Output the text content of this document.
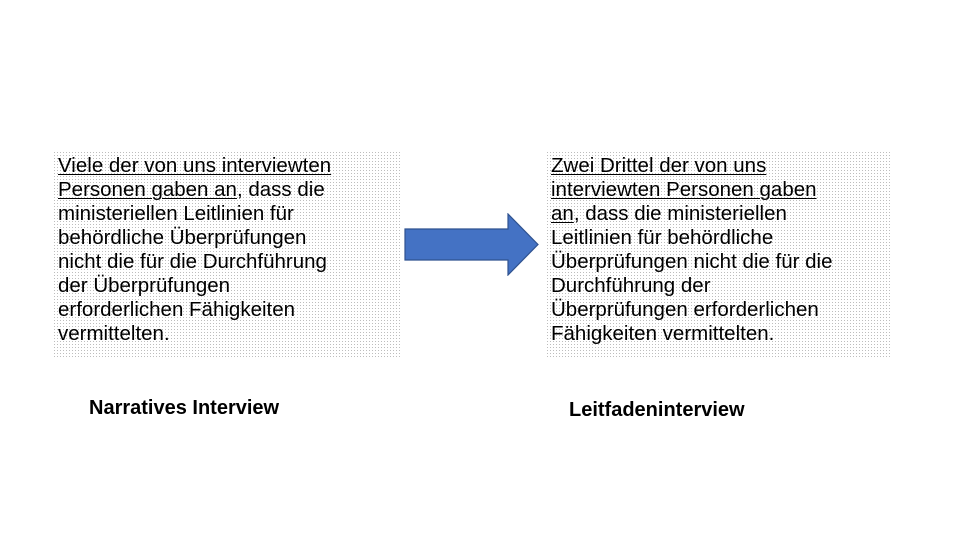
Viele der von uns interviewten
Personen gaben an, dass die
ministeriellen Leitlinien für
behördliche Überprüfungen
nicht die für die Durchführung
der Überprüfungen
erforderlichen Fähigkeiten
vermittelten.
Zwei Drittel der von uns
interviewten Personen gaben
an, dass die ministeriellen
Leitlinien für behördliche
Überprüfungen nicht die für die
Durchführung der
Überprüfungen erforderlichen
Fähigkeiten vermittelten.
Narratives Interview	Leitfadeninterview
